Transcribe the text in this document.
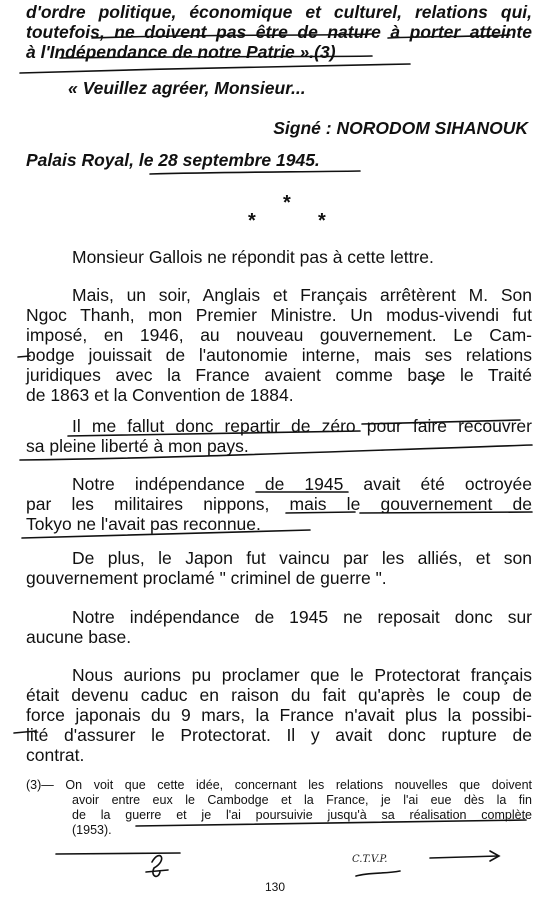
d'ordre politique, économique et culturel, relations qui,
toutefois, ne doivent pas être de nature à porter atteinte
à l'Indépendance de notre Patrie ».(3)
« Veuillez agréer, Monsieur...
Signé : NORODOM SIHANOUK
Palais Royal, le 28 septembre 1945.
*
*	*
Monsieur Gallois ne répondit pas à cette lettre.
Mais, un soir, Anglais et Français arrêtèrent M. Son
Ngoc Thanh, mon Premier Ministre. Un modus-vivendi fut
imposé, en 1946, au nouveau gouvernement. Le Cam-
bodge jouissait de l'autonomie interne, mais ses relations
juridiques avec la France avaient comme base le Traité
de 1863 et la Convention de 1884.
Il me fallut donc repartir de zéro pour faire recouvrer
sa pleine liberté à mon pays.
Notre indépendance de 1945 avait été octroyée
par les militaires nippons, mais le gouvernement de
Tokyo ne l'avait pas reconnue.
De plus, le Japon fut vaincu par les alliés, et son
gouvernement proclamé " criminel de guerre ".
Notre indépendance de 1945 ne reposait donc sur
aucune base.
Nous aurions pu proclamer que le Protectorat français
était devenu caduc en raison du fait qu'après le coup de
force japonais du 9 mars, la France n'avait plus la possibi-
lité d'assurer le Protectorat. Il y avait donc rupture de
contrat.
(3)— On voit que cette idée, concernant les relations nouvelles que doivent
avoir entre eux le Cambodge et la France, je l'ai eue dès la fin
de la guerre et je l'ai poursuivie jusqu'à sa réalisation complète
(1953).
C.T.V.P.
130
